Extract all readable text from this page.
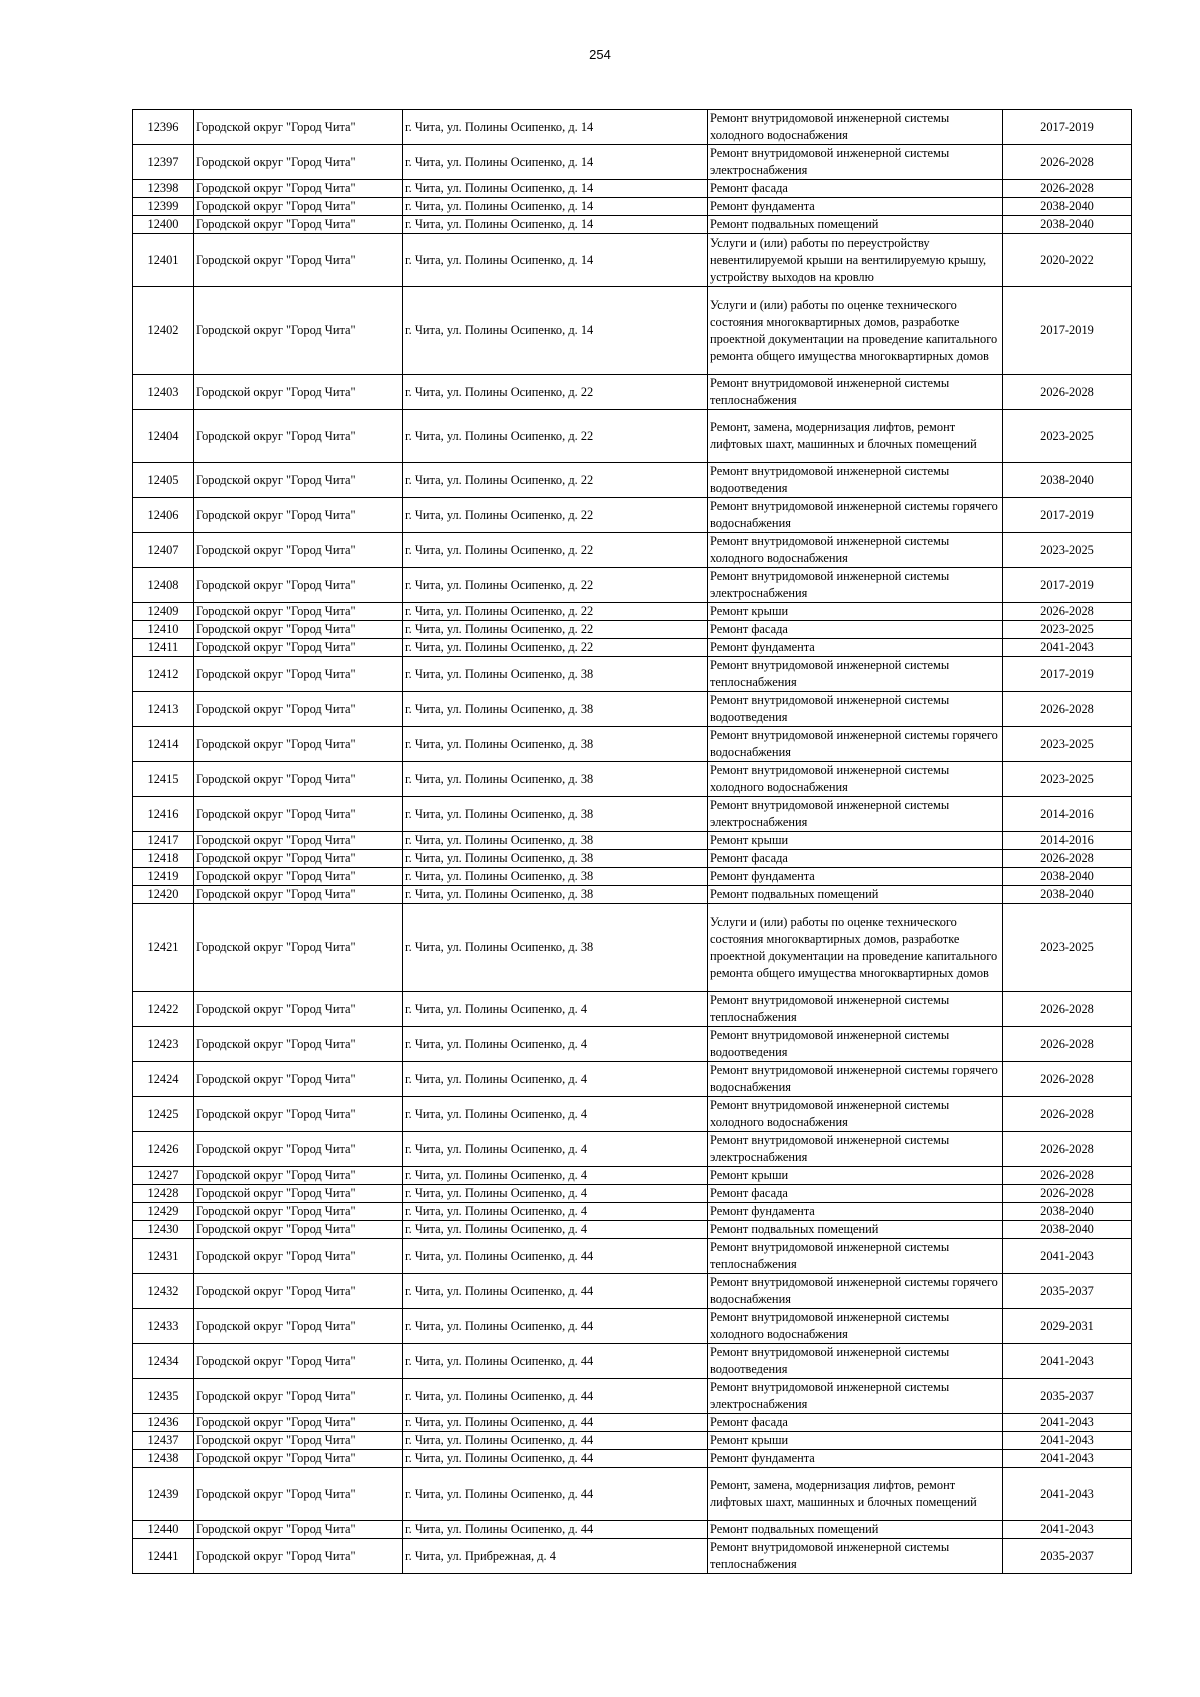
254
12396	Городской округ "Город Чита"	г. Чита, ул. Полины Осипенко, д. 14	Ремонт внутридомовой инженерной системы холодного водоснабжения	2017-2019
12397	Городской округ "Город Чита"	г. Чита, ул. Полины Осипенко, д. 14	Ремонт внутридомовой инженерной системы электроснабжения	2026-2028
12398	Городской округ "Город Чита"	г. Чита, ул. Полины Осипенко, д. 14	Ремонт фасада	2026-2028
12399	Городской округ "Город Чита"	г. Чита, ул. Полины Осипенко, д. 14	Ремонт фундамента	2038-2040
12400	Городской округ "Город Чита"	г. Чита, ул. Полины Осипенко, д. 14	Ремонт подвальных помещений	2038-2040
12401	Городской округ "Город Чита"	г. Чита, ул. Полины Осипенко, д. 14	Услуги и (или) работы по переустройству невентилируемой крыши на вентилируемую крышу, устройству выходов на кровлю	2020-2022
12402	Городской округ "Город Чита"	г. Чита, ул. Полины Осипенко, д. 14	Услуги и (или) работы по оценке технического состояния многоквартирных домов, разработке проектной документации на проведение капитального ремонта общего имущества многоквартирных домов	2017-2019
12403	Городской округ "Город Чита"	г. Чита, ул. Полины Осипенко, д. 22	Ремонт внутридомовой инженерной системы теплоснабжения	2026-2028
12404	Городской округ "Город Чита"	г. Чита, ул. Полины Осипенко, д. 22	Ремонт, замена, модернизация лифтов, ремонт лифтовых шахт, машинных и блочных помещений	2023-2025
12405	Городской округ "Город Чита"	г. Чита, ул. Полины Осипенко, д. 22	Ремонт внутридомовой инженерной системы водоотведения	2038-2040
12406	Городской округ "Город Чита"	г. Чита, ул. Полины Осипенко, д. 22	Ремонт внутридомовой инженерной системы горячего водоснабжения	2017-2019
12407	Городской округ "Город Чита"	г. Чита, ул. Полины Осипенко, д. 22	Ремонт внутридомовой инженерной системы холодного водоснабжения	2023-2025
12408	Городской округ "Город Чита"	г. Чита, ул. Полины Осипенко, д. 22	Ремонт внутридомовой инженерной системы электроснабжения	2017-2019
12409	Городской округ "Город Чита"	г. Чита, ул. Полины Осипенко, д. 22	Ремонт крыши	2026-2028
12410	Городской округ "Город Чита"	г. Чита, ул. Полины Осипенко, д. 22	Ремонт фасада	2023-2025
12411	Городской округ "Город Чита"	г. Чита, ул. Полины Осипенко, д. 22	Ремонт фундамента	2041-2043
12412	Городской округ "Город Чита"	г. Чита, ул. Полины Осипенко, д. 38	Ремонт внутридомовой инженерной системы теплоснабжения	2017-2019
12413	Городской округ "Город Чита"	г. Чита, ул. Полины Осипенко, д. 38	Ремонт внутридомовой инженерной системы водоотведения	2026-2028
12414	Городской округ "Город Чита"	г. Чита, ул. Полины Осипенко, д. 38	Ремонт внутридомовой инженерной системы горячего водоснабжения	2023-2025
12415	Городской округ "Город Чита"	г. Чита, ул. Полины Осипенко, д. 38	Ремонт внутридомовой инженерной системы холодного водоснабжения	2023-2025
12416	Городской округ "Город Чита"	г. Чита, ул. Полины Осипенко, д. 38	Ремонт внутридомовой инженерной системы электроснабжения	2014-2016
12417	Городской округ "Город Чита"	г. Чита, ул. Полины Осипенко, д. 38	Ремонт крыши	2014-2016
12418	Городской округ "Город Чита"	г. Чита, ул. Полины Осипенко, д. 38	Ремонт фасада	2026-2028
12419	Городской округ "Город Чита"	г. Чита, ул. Полины Осипенко, д. 38	Ремонт фундамента	2038-2040
12420	Городской округ "Город Чита"	г. Чита, ул. Полины Осипенко, д. 38	Ремонт подвальных помещений	2038-2040
12421	Городской округ "Город Чита"	г. Чита, ул. Полины Осипенко, д. 38	Услуги и (или) работы по оценке технического состояния многоквартирных домов, разработке проектной документации на проведение капитального ремонта общего имущества многоквартирных домов	2023-2025
12422	Городской округ "Город Чита"	г. Чита, ул. Полины Осипенко, д. 4	Ремонт внутридомовой инженерной системы теплоснабжения	2026-2028
12423	Городской округ "Город Чита"	г. Чита, ул. Полины Осипенко, д. 4	Ремонт внутридомовой инженерной системы водоотведения	2026-2028
12424	Городской округ "Город Чита"	г. Чита, ул. Полины Осипенко, д. 4	Ремонт внутридомовой инженерной системы горячего водоснабжения	2026-2028
12425	Городской округ "Город Чита"	г. Чита, ул. Полины Осипенко, д. 4	Ремонт внутридомовой инженерной системы холодного водоснабжения	2026-2028
12426	Городской округ "Город Чита"	г. Чита, ул. Полины Осипенко, д. 4	Ремонт внутридомовой инженерной системы электроснабжения	2026-2028
12427	Городской округ "Город Чита"	г. Чита, ул. Полины Осипенко, д. 4	Ремонт крыши	2026-2028
12428	Городской округ "Город Чита"	г. Чита, ул. Полины Осипенко, д. 4	Ремонт фасада	2026-2028
12429	Городской округ "Город Чита"	г. Чита, ул. Полины Осипенко, д. 4	Ремонт фундамента	2038-2040
12430	Городской округ "Город Чита"	г. Чита, ул. Полины Осипенко, д. 4	Ремонт подвальных помещений	2038-2040
12431	Городской округ "Город Чита"	г. Чита, ул. Полины Осипенко, д. 44	Ремонт внутридомовой инженерной системы теплоснабжения	2041-2043
12432	Городской округ "Город Чита"	г. Чита, ул. Полины Осипенко, д. 44	Ремонт внутридомовой инженерной системы горячего водоснабжения	2035-2037
12433	Городской округ "Город Чита"	г. Чита, ул. Полины Осипенко, д. 44	Ремонт внутридомовой инженерной системы холодного водоснабжения	2029-2031
12434	Городской округ "Город Чита"	г. Чита, ул. Полины Осипенко, д. 44	Ремонт внутридомовой инженерной системы водоотведения	2041-2043
12435	Городской округ "Город Чита"	г. Чита, ул. Полины Осипенко, д. 44	Ремонт внутридомовой инженерной системы электроснабжения	2035-2037
12436	Городской округ "Город Чита"	г. Чита, ул. Полины Осипенко, д. 44	Ремонт фасада	2041-2043
12437	Городской округ "Город Чита"	г. Чита, ул. Полины Осипенко, д. 44	Ремонт крыши	2041-2043
12438	Городской округ "Город Чита"	г. Чита, ул. Полины Осипенко, д. 44	Ремонт фундамента	2041-2043
12439	Городской округ "Город Чита"	г. Чита, ул. Полины Осипенко, д. 44	Ремонт, замена, модернизация лифтов, ремонт лифтовых шахт, машинных и блочных помещений	2041-2043
12440	Городской округ "Город Чита"	г. Чита, ул. Полины Осипенко, д. 44	Ремонт подвальных помещений	2041-2043
12441	Городской округ "Город Чита"	г. Чита, ул. Прибрежная, д. 4	Ремонт внутридомовой инженерной системы теплоснабжения	2035-2037
